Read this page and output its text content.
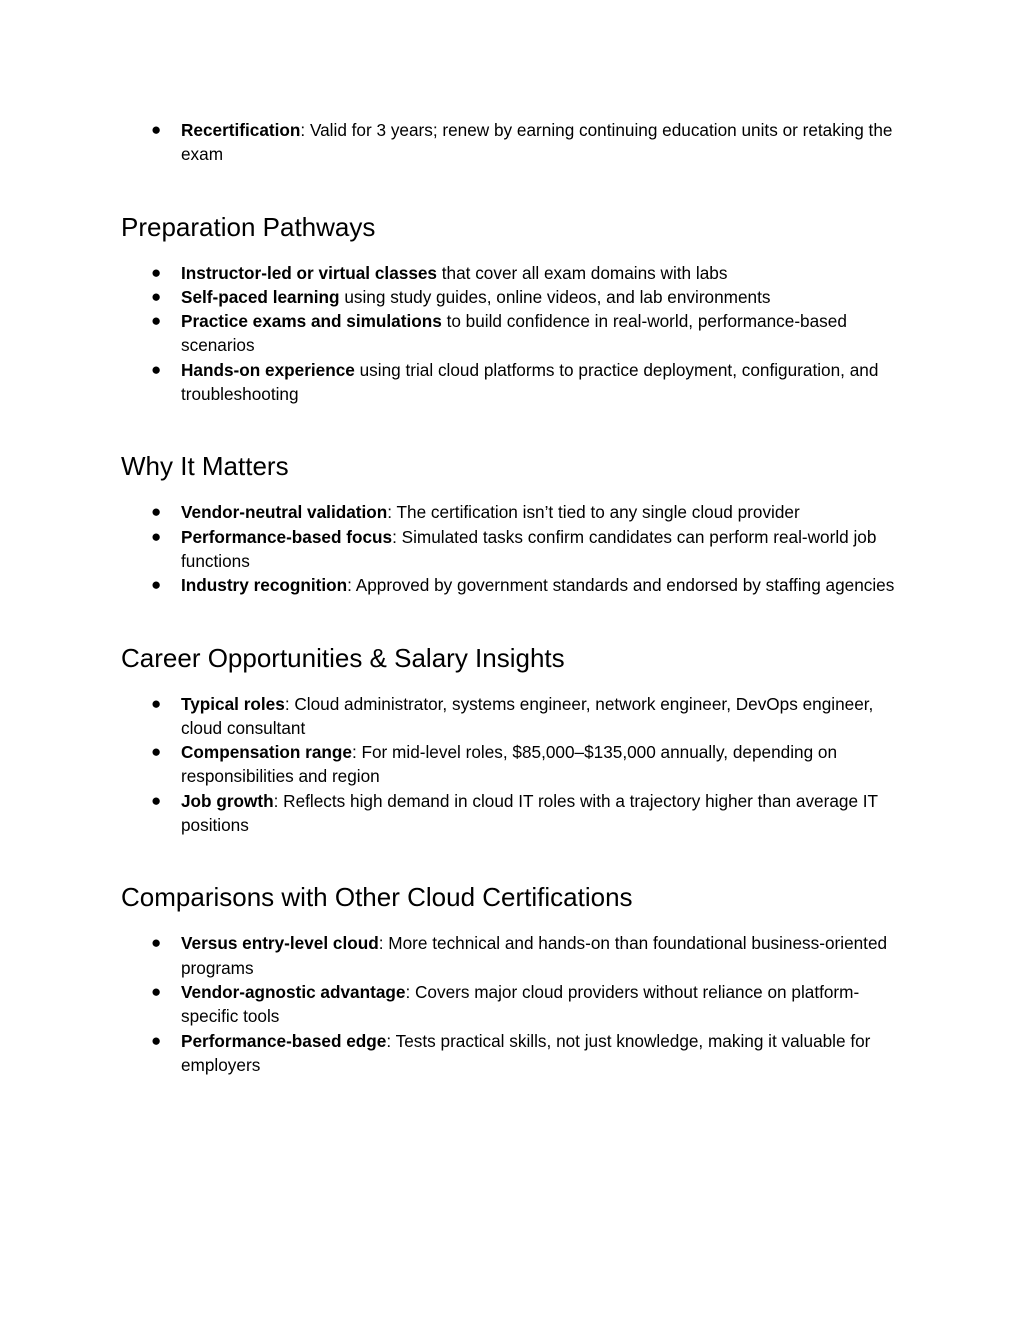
● Recertification: Valid for 3 years; renew by earning continuing education units or retaking the exam
Preparation Pathways
● Instructor-led or virtual classes that cover all exam domains with labs
● Self-paced learning using study guides, online videos, and lab environments
● Practice exams and simulations to build confidence in real-world, performance-based scenarios
● Hands-on experience using trial cloud platforms to practice deployment, configuration, and troubleshooting
Why It Matters
● Vendor-neutral validation: The certification isn’t tied to any single cloud provider
● Performance-based focus: Simulated tasks confirm candidates can perform real-world job functions
● Industry recognition: Approved by government standards and endorsed by staffing agencies
Career Opportunities & Salary Insights
● Typical roles: Cloud administrator, systems engineer, network engineer, DevOps engineer, cloud consultant
● Compensation range: For mid-level roles, $85,000–$135,000 annually, depending on responsibilities and region
● Job growth: Reflects high demand in cloud IT roles with a trajectory higher than average IT positions
Comparisons with Other Cloud Certifications
● Versus entry-level cloud: More technical and hands-on than foundational business-oriented programs
● Vendor-agnostic advantage: Covers major cloud providers without reliance on platform-specific tools
● Performance-based edge: Tests practical skills, not just knowledge, making it valuable for employers
